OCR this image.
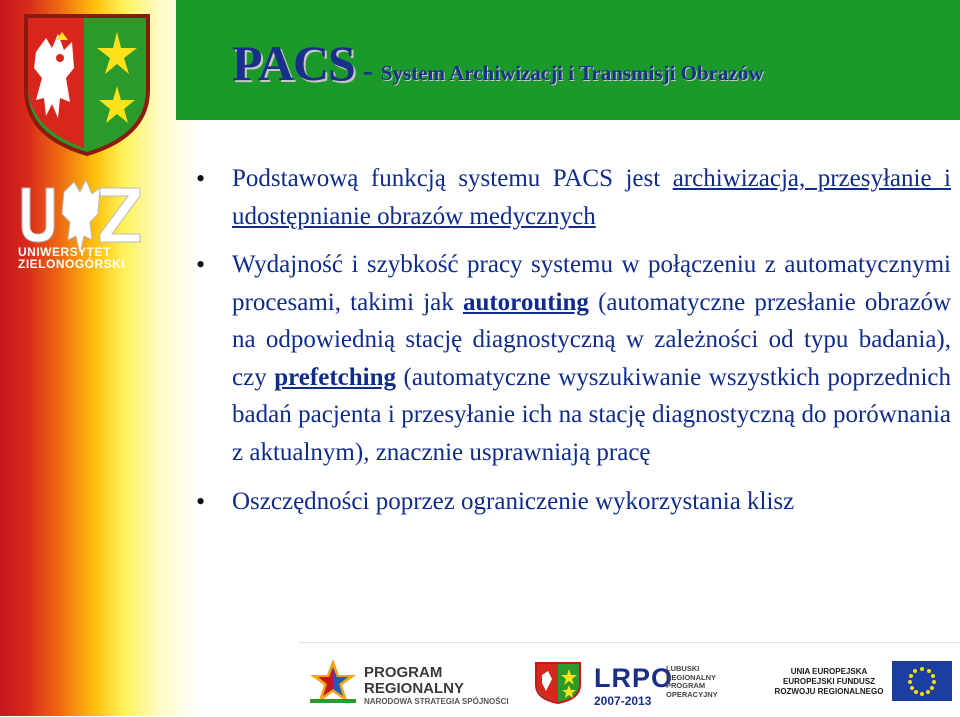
UNIWERSYTET
ZIELONOGÓRSKI
PACS - System Archiwizacji i Transmisji Obrazów
• Podstawową funkcją systemu PACS jest archiwizacja, przesyłanie i udostępnianie obrazów medycznych
• Wydajność i szybkość pracy systemu w połączeniu z automatycznymi procesami, takimi jak autorouting (automatyczne przesłanie obrazów na odpowiednią stację diagnostyczną w zależności od typu badania), czy prefetching (automatyczne wyszukiwanie wszystkich poprzednich badań pacjenta i przesyłanie ich na stację diagnostyczną do porównania z aktualnym), znacznie usprawniają pracę
• Oszczędności poprzez ograniczenie wykorzystania klisz
PROGRAM
REGIONALNY
NARODOWA STRATEGIA SPÓJNOŚCI
LRPO
2007-2013
LUBUSKI
REGIONALNY
PROGRAM
OPERACYJNY
UNIA EUROPEJSKA
EUROPEJSKI FUNDUSZ
ROZWOJU REGIONALNEGO
